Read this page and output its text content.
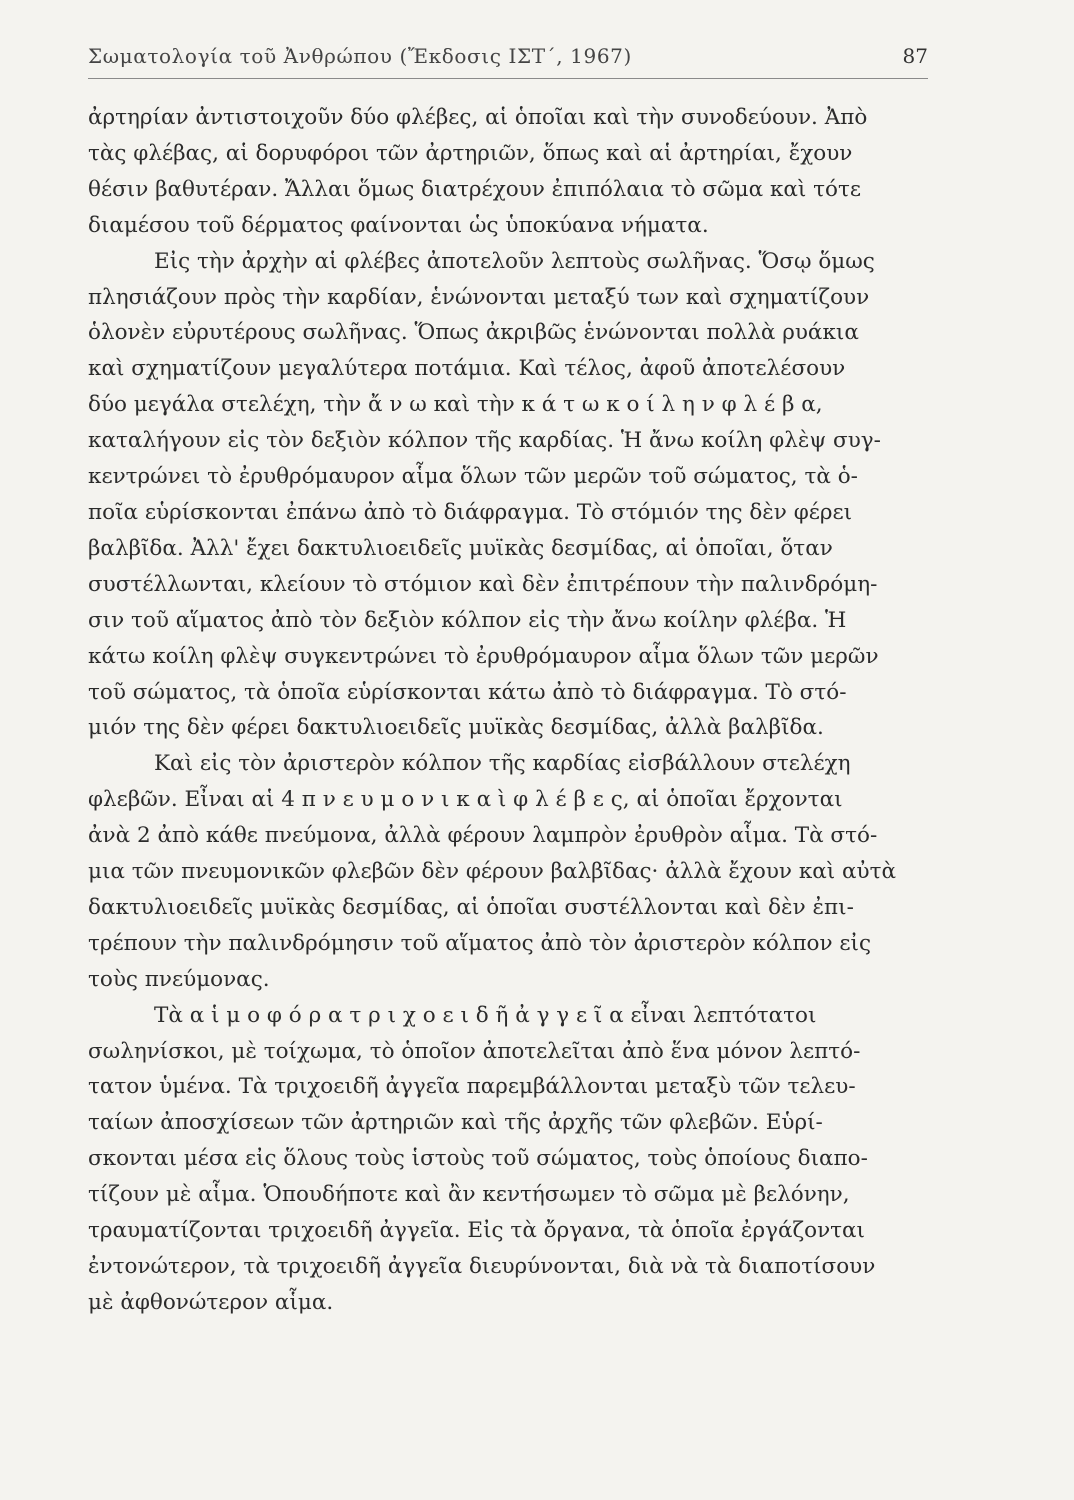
Σωματολογία τοῦ Ἀνθρώπου (Ἔκδοσις ΙΣΤ΄, 1967)	87
ἀρτηρίαν ἀντιστοιχοῦν δύο φλέβες, αἱ ὁποῖαι καὶ τὴν συνοδεύουν. Ἀπὸ
τὰς φλέβας, αἱ δορυφόροι τῶν ἀρτηριῶν, ὅπως καὶ αἱ ἀρτηρίαι, ἔχουν
θέσιν βαθυτέραν. Ἄλλαι ὅμως διατρέχουν ἐπιπόλαια τὸ σῶμα καὶ τότε
διαμέσου τοῦ δέρματος φαίνονται ὡς ὑποκύανα νήματα.
Εἰς τὴν ἀρχὴν αἱ φλέβες ἀποτελοῦν λεπτοὺς σωλῆνας. Ὅσῳ ὅμως
πλησιάζουν πρὸς τὴν καρδίαν, ἑνώνονται μεταξύ των καὶ σχηματίζουν
ὁλονὲν εὐρυτέρους σωλῆνας. Ὅπως ἀκριβῶς ἑνώνονται πολλὰ ρυάκια
καὶ σχηματίζουν μεγαλύτερα ποτάμια. Καὶ τέλος, ἀφοῦ ἀποτελέσουν
δύο μεγάλα στελέχη, τὴν ἄ ν ω καὶ τὴν κ ά τ ω κ ο ί λ η ν φ λ έ β α,
καταλήγουν εἰς τὸν δεξιὸν κόλπον τῆς καρδίας. Ἡ ἄνω κοίλη φλὲψ συγ-
κεντρώνει τὸ ἐρυθρόμαυρον αἷμα ὅλων τῶν μερῶν τοῦ σώματος, τὰ ὁ-
ποῖα εὑρίσκονται ἐπάνω ἀπὸ τὸ διάφραγμα. Τὸ στόμιόν της δὲν φέρει
βαλβῖδα. Ἀλλ' ἔχει δακτυλιοειδεῖς μυϊκὰς δεσμίδας, αἱ ὁποῖαι, ὅταν
συστέλλωνται, κλείουν τὸ στόμιον καὶ δὲν ἐπιτρέπουν τὴν παλινδρόμη-
σιν τοῦ αἵματος ἀπὸ τὸν δεξιὸν κόλπον εἰς τὴν ἄνω κοίλην φλέβα. Ἡ
κάτω κοίλη φλὲψ συγκεντρώνει τὸ ἐρυθρόμαυρον αἷμα ὅλων τῶν μερῶν
τοῦ σώματος, τὰ ὁποῖα εὑρίσκονται κάτω ἀπὸ τὸ διάφραγμα. Τὸ στό-
μιόν της δὲν φέρει δακτυλιοειδεῖς μυϊκὰς δεσμίδας, ἀλλὰ βαλβῖδα.
Καὶ εἰς τὸν ἀριστερὸν κόλπον τῆς καρδίας εἰσβάλλουν στελέχη
φλεβῶν. Εἶναι αἱ 4 π ν ε υ μ ο ν ι κ α ὶ φ λ έ β ε ς, αἱ ὁποῖαι ἔρχονται
ἀνὰ 2 ἀπὸ κάθε πνεύμονα, ἀλλὰ φέρουν λαμπρὸν ἐρυθρὸν αἷμα. Τὰ στό-
μια τῶν πνευμονικῶν φλεβῶν δὲν φέρουν βαλβῖδας· ἀλλὰ ἔχουν καὶ αὐτὰ
δακτυλιοειδεῖς μυϊκὰς δεσμίδας, αἱ ὁποῖαι συστέλλονται καὶ δὲν ἐπι-
τρέπουν τὴν παλινδρόμησιν τοῦ αἵματος ἀπὸ τὸν ἀριστερὸν κόλπον εἰς
τοὺς πνεύμονας.
Τὰ α ἱ μ ο φ ό ρ α τ ρ ι χ ο ε ι δ ῆ ἀ γ γ ε ῖ α εἶναι λεπτότατοι
σωληνίσκοι, μὲ τοίχωμα, τὸ ὁποῖον ἀποτελεῖται ἀπὸ ἕνα μόνον λεπτό-
τατον ὑμένα. Τὰ τριχοειδῆ ἀγγεῖα παρεμβάλλονται μεταξὺ τῶν τελευ-
ταίων ἀποσχίσεων τῶν ἀρτηριῶν καὶ τῆς ἀρχῆς τῶν φλεβῶν. Εὑρί-
σκονται μέσα εἰς ὅλους τοὺς ἱστοὺς τοῦ σώματος, τοὺς ὁποίους διαπο-
τίζουν μὲ αἷμα. Ὁπουδήποτε καὶ ἂν κεντήσωμεν τὸ σῶμα μὲ βελόνην,
τραυματίζονται τριχοειδῆ ἀγγεῖα. Εἰς τὰ ὄργανα, τὰ ὁποῖα ἐργάζονται
ἐντονώτερον, τὰ τριχοειδῆ ἀγγεῖα διευρύνονται, διὰ νὰ τὰ διαποτίσουν
μὲ ἀφθονώτερον αἷμα.
